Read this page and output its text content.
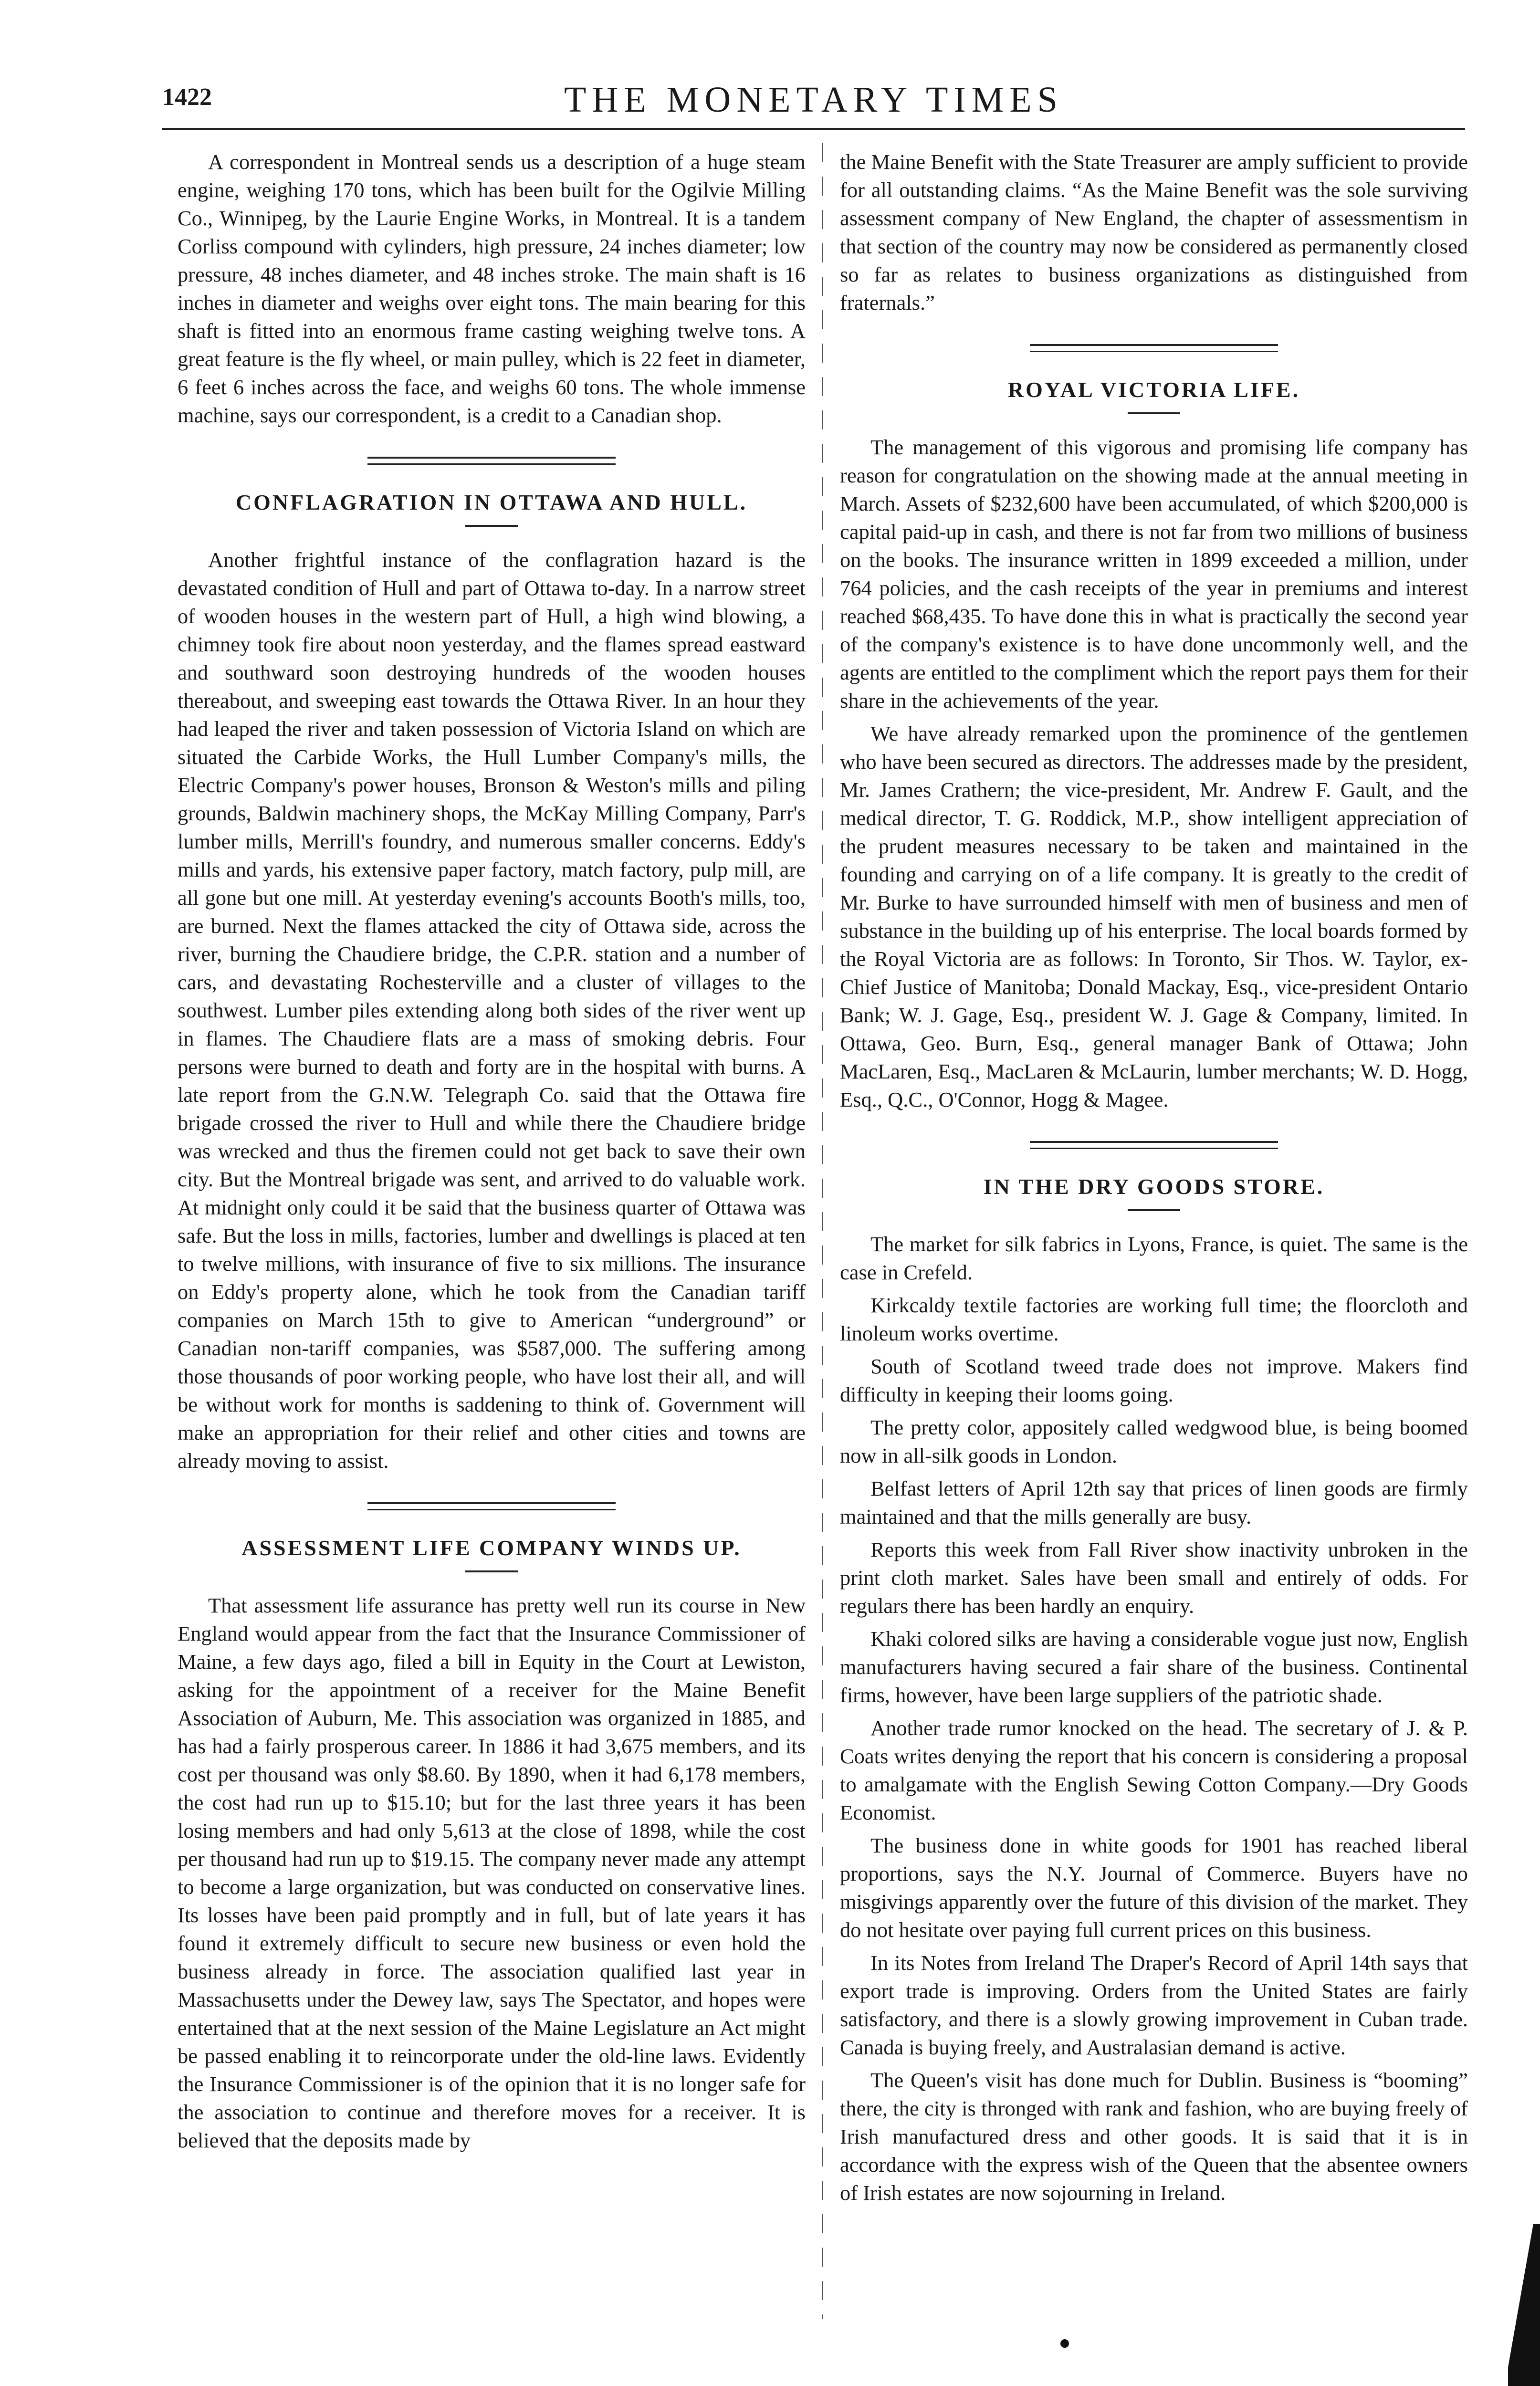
1422	THE MONETARY TIMES

A correspondent in Montreal sends us a description of a huge steam engine, weighing 170 tons, which has been built for the Ogilvie Milling Co., Winnipeg, by the Laurie Engine Works, in Montreal. It is a tandem Corliss compound with cylinders, high pressure, 24 inches diameter; low pressure, 48 inches diameter, and 48 inches stroke. The main shaft is 16 inches in diameter and weighs over eight tons. The main bearing for this shaft is fitted into an enormous frame casting weighing twelve tons. A great feature is the fly wheel, or main pulley, which is 22 feet in diameter, 6 feet 6 inches across the face, and weighs 60 tons. The whole immense machine, says our correspondent, is a credit to a Canadian shop.

CONFLAGRATION IN OTTAWA AND HULL.

Another frightful instance of the conflagration hazard is the devastated condition of Hull and part of Ottawa to-day. In a narrow street of wooden houses in the western part of Hull, a high wind blowing, a chimney took fire about noon yesterday, and the flames spread eastward and southward soon destroying hundreds of the wooden houses thereabout, and sweeping east towards the Ottawa River. In an hour they had leaped the river and taken possession of Victoria Island on which are situated the Carbide Works, the Hull Lumber Company's mills, the Electric Company's power houses, Bronson & Weston's mills and piling grounds, Baldwin machinery shops, the McKay Milling Company, Parr's lumber mills, Merrill's foundry, and numerous smaller concerns. Eddy's mills and yards, his extensive paper factory, match factory, pulp mill, are all gone but one mill. At yesterday evening's accounts Booth's mills, too, are burned. Next the flames attacked the city of Ottawa side, across the river, burning the Chaudiere bridge, the C.P.R. station and a number of cars, and devastating Rochesterville and a cluster of villages to the southwest. Lumber piles extending along both sides of the river went up in flames. The Chaudiere flats are a mass of smoking debris. Four persons were burned to death and forty are in the hospital with burns. A late report from the G.N.W. Telegraph Co. said that the Ottawa fire brigade crossed the river to Hull and while there the Chaudiere bridge was wrecked and thus the firemen could not get back to save their own city. But the Montreal brigade was sent, and arrived to do valuable work. At midnight only could it be said that the business quarter of Ottawa was safe. But the loss in mills, factories, lumber and dwellings is placed at ten to twelve millions, with insurance of five to six millions. The insurance on Eddy's property alone, which he took from the Canadian tariff companies on March 15th to give to American “underground” or Canadian non-tariff companies, was $587,000. The suffering among those thousands of poor working people, who have lost their all, and will be without work for months is saddening to think of. Government will make an appropriation for their relief and other cities and towns are already moving to assist.

ASSESSMENT LIFE COMPANY WINDS UP.

That assessment life assurance has pretty well run its course in New England would appear from the fact that the Insurance Commissioner of Maine, a few days ago, filed a bill in Equity in the Court at Lewiston, asking for the appointment of a receiver for the Maine Benefit Association of Auburn, Me. This association was organized in 1885, and has had a fairly prosperous career. In 1886 it had 3,675 members, and its cost per thousand was only $8.60. By 1890, when it had 6,178 members, the cost had run up to $15.10; but for the last three years it has been losing members and had only 5,613 at the close of 1898, while the cost per thousand had run up to $19.15. The company never made any attempt to become a large organization, but was conducted on conservative lines. Its losses have been paid promptly and in full, but of late years it has found it extremely difficult to secure new business or even hold the business already in force. The association qualified last year in Massachusetts under the Dewey law, says The Spectator, and hopes were entertained that at the next session of the Maine Legislature an Act might be passed enabling it to reincorporate under the old-line laws. Evidently the Insurance Commissioner is of the opinion that it is no longer safe for the association to continue and therefore moves for a receiver. It is believed that the deposits made by

the Maine Benefit with the State Treasurer are amply sufficient to provide for all outstanding claims. “As the Maine Benefit was the sole surviving assessment company of New England, the chapter of assessmentism in that section of the country may now be considered as permanently closed so far as relates to business organizations as distinguished from fraternals.”

ROYAL VICTORIA LIFE.

The management of this vigorous and promising life company has reason for congratulation on the showing made at the annual meeting in March. Assets of $232,600 have been accumulated, of which $200,000 is capital paid-up in cash, and there is not far from two millions of business on the books. The insurance written in 1899 exceeded a million, under 764 policies, and the cash receipts of the year in premiums and interest reached $68,435. To have done this in what is practically the second year of the company's existence is to have done uncommonly well, and the agents are entitled to the compliment which the report pays them for their share in the achievements of the year.

We have already remarked upon the prominence of the gentlemen who have been secured as directors. The addresses made by the president, Mr. James Crathern; the vice-president, Mr. Andrew F. Gault, and the medical director, T. G. Roddick, M.P., show intelligent appreciation of the prudent measures necessary to be taken and maintained in the founding and carrying on of a life company. It is greatly to the credit of Mr. Burke to have surrounded himself with men of business and men of substance in the building up of his enterprise. The local boards formed by the Royal Victoria are as follows: In Toronto, Sir Thos. W. Taylor, ex-Chief Justice of Manitoba; Donald Mackay, Esq., vice-president Ontario Bank; W. J. Gage, Esq., president W. J. Gage & Company, limited. In Ottawa, Geo. Burn, Esq., general manager Bank of Ottawa; John MacLaren, Esq., MacLaren & McLaurin, lumber merchants; W. D. Hogg, Esq., Q.C., O'Connor, Hogg & Magee.

IN THE DRY GOODS STORE.

The market for silk fabrics in Lyons, France, is quiet. The same is the case in Crefeld.

Kirkcaldy textile factories are working full time; the floorcloth and linoleum works overtime.

South of Scotland tweed trade does not improve. Makers find difficulty in keeping their looms going.

The pretty color, appositely called wedgwood blue, is being boomed now in all-silk goods in London.

Belfast letters of April 12th say that prices of linen goods are firmly maintained and that the mills generally are busy.

Reports this week from Fall River show inactivity unbroken in the print cloth market. Sales have been small and entirely of odds. For regulars there has been hardly an enquiry.

Khaki colored silks are having a considerable vogue just now, English manufacturers having secured a fair share of the business. Continental firms, however, have been large suppliers of the patriotic shade.

Another trade rumor knocked on the head. The secretary of J. & P. Coats writes denying the report that his concern is considering a proposal to amalgamate with the English Sewing Cotton Company.—Dry Goods Economist.

The business done in white goods for 1901 has reached liberal proportions, says the N.Y. Journal of Commerce. Buyers have no misgivings apparently over the future of this division of the market. They do not hesitate over paying full current prices on this business.

In its Notes from Ireland The Draper's Record of April 14th says that export trade is improving. Orders from the United States are fairly satisfactory, and there is a slowly growing improvement in Cuban trade. Canada is buying freely, and Australasian demand is active.

The Queen's visit has done much for Dublin. Business is “booming” there, the city is thronged with rank and fashion, who are buying freely of Irish manufactured dress and other goods. It is said that it is in accordance with the express wish of the Queen that the absentee owners of Irish estates are now sojourning in Ireland.
